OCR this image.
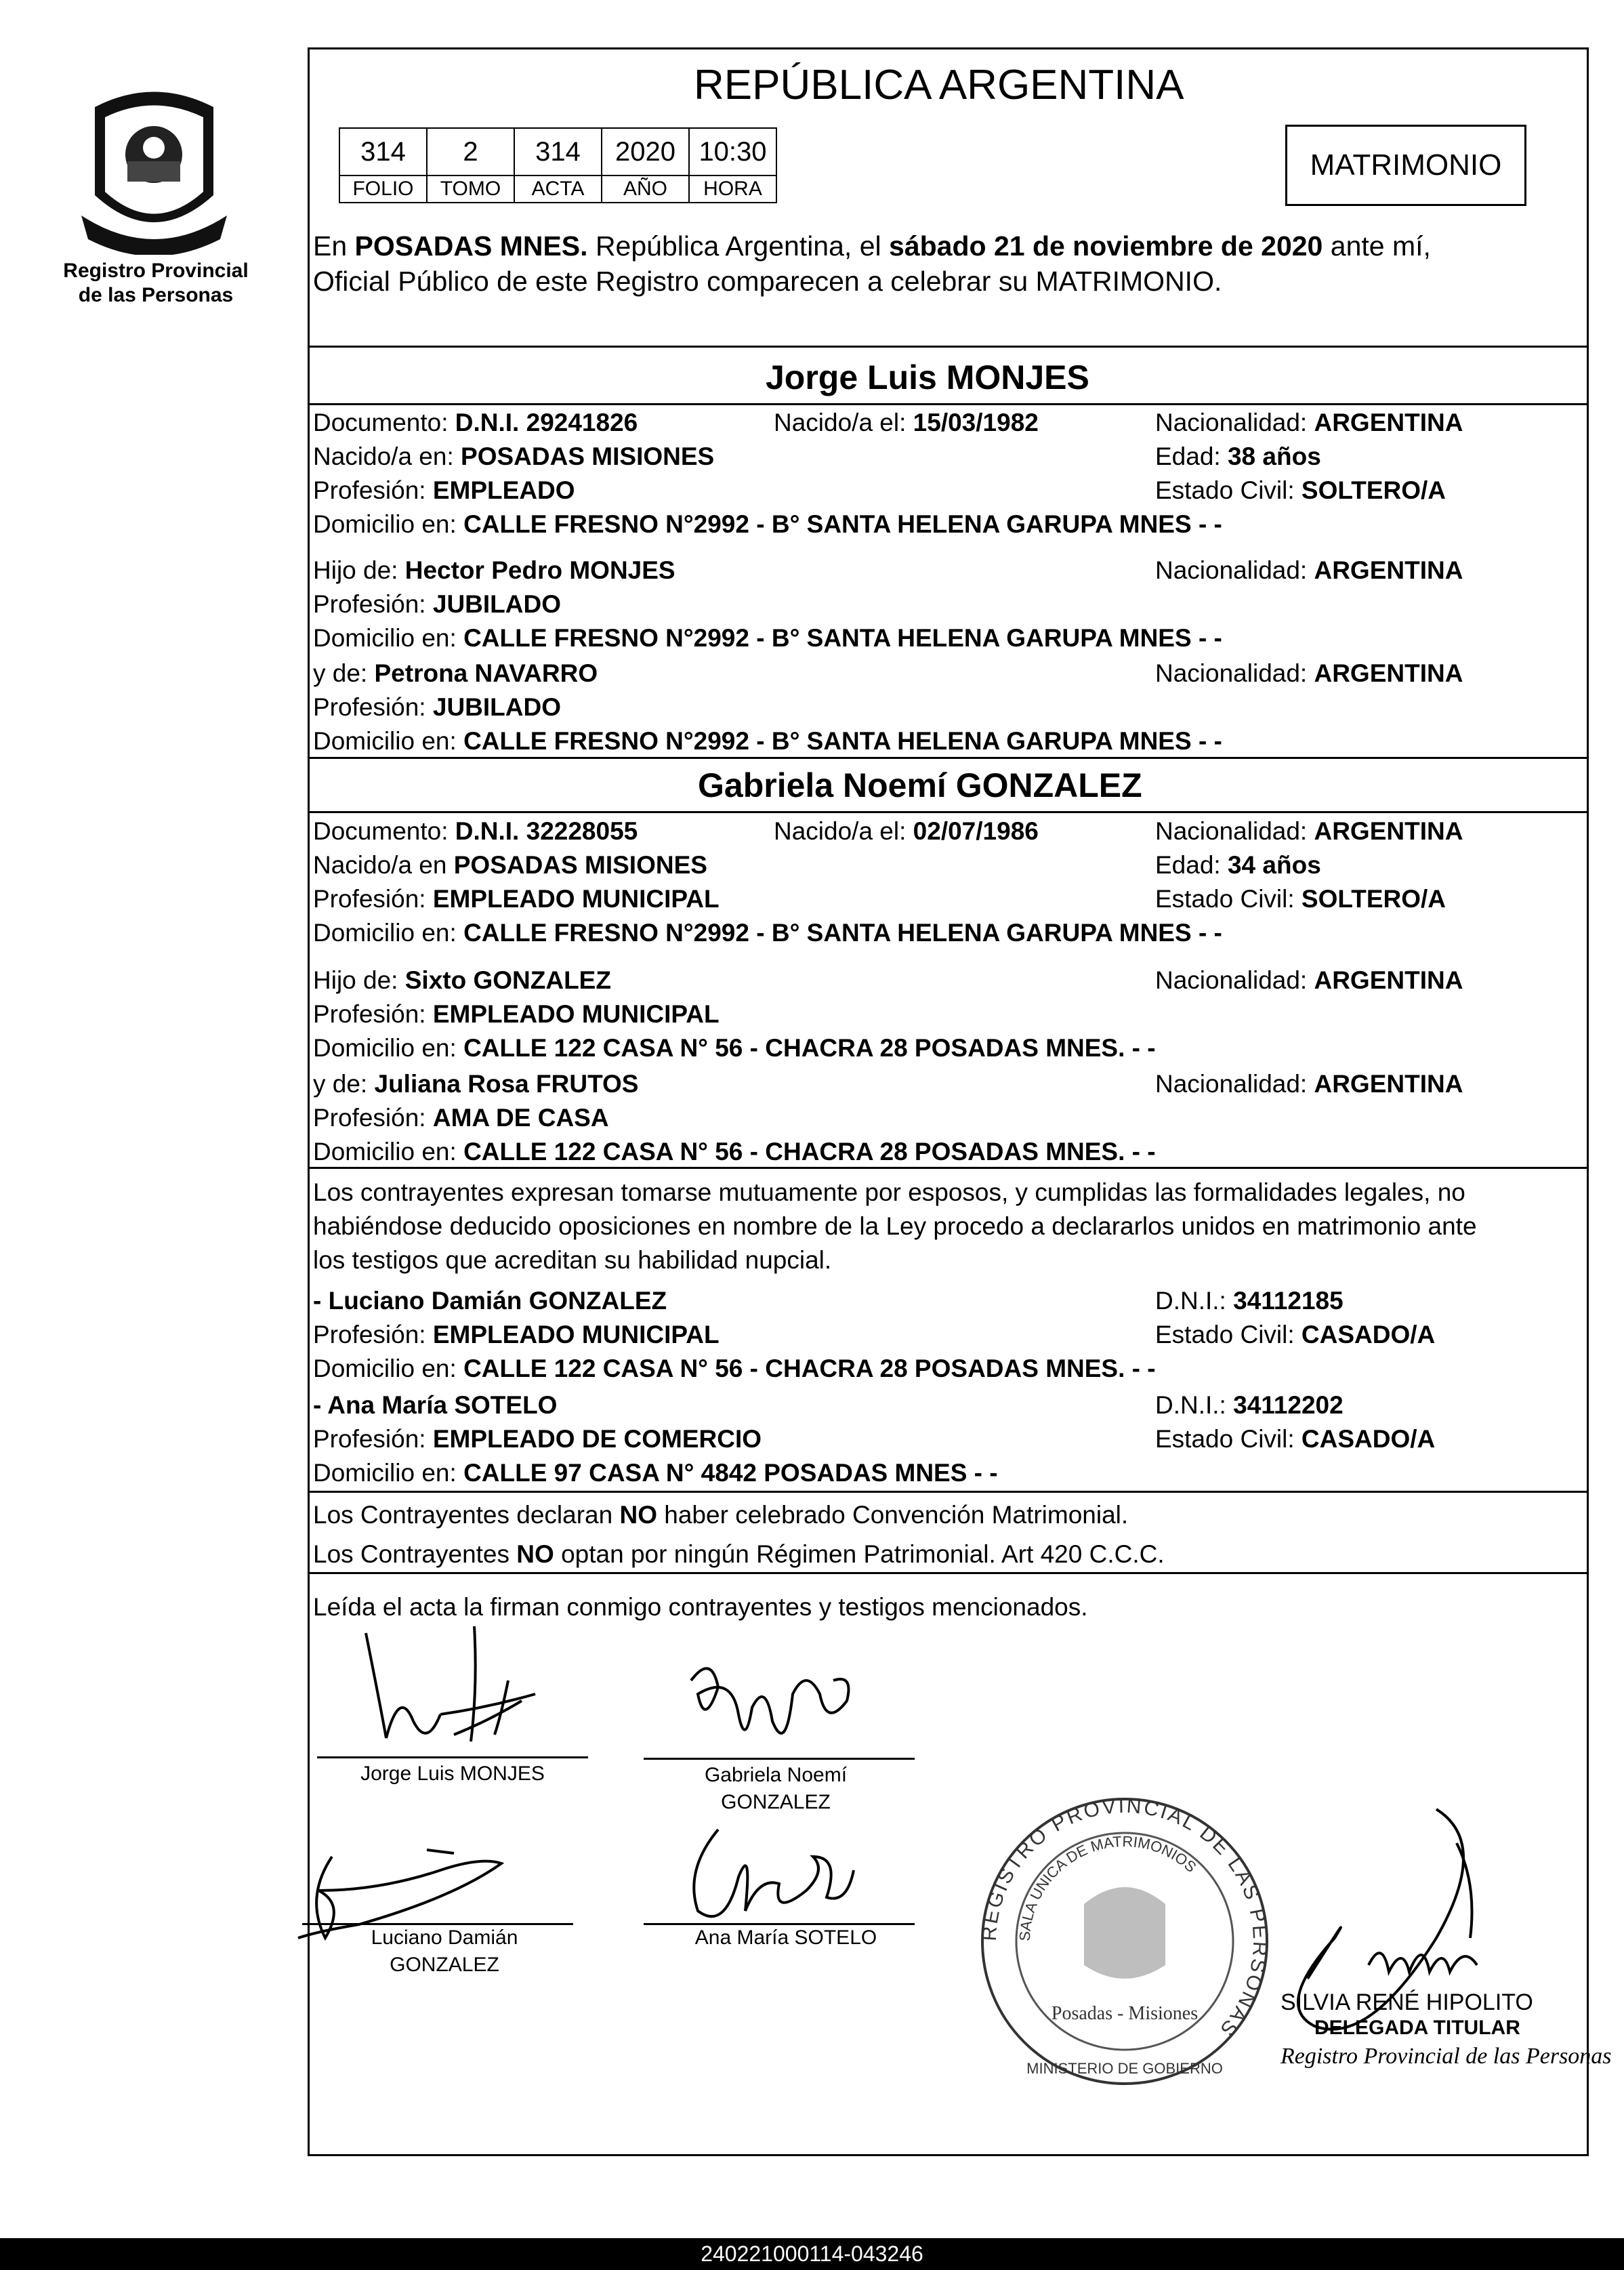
Registro Provincial
de las Personas
REPÚBLICA ARGENTINA
314	2	314	2020	10:30
FOLIO	TOMO	ACTA	AÑO	HORA
MATRIMONIO
En POSADAS MNES. República Argentina, el sábado 21 de noviembre de 2020 ante mí,
Oficial Público de este Registro comparecen a celebrar su MATRIMONIO.
Jorge Luis MONJES
Documento: D.N.I. 29241826	Nacido/a el: 15/03/1982	Nacionalidad: ARGENTINA
Nacido/a en: POSADAS MISIONES	Edad: 38 años
Profesión: EMPLEADO	Estado Civil: SOLTERO/A
Domicilio en: CALLE FRESNO N°2992 - B° SANTA HELENA GARUPA MNES - -
Hijo de: Hector Pedro MONJES	Nacionalidad: ARGENTINA
Profesión: JUBILADO
Domicilio en: CALLE FRESNO N°2992 - B° SANTA HELENA GARUPA MNES - -
y de: Petrona NAVARRO	Nacionalidad: ARGENTINA
Profesión: JUBILADO
Domicilio en: CALLE FRESNO N°2992 - B° SANTA HELENA GARUPA MNES - -
Gabriela Noemí GONZALEZ
Documento: D.N.I. 32228055	Nacido/a el: 02/07/1986	Nacionalidad: ARGENTINA
Nacido/a en POSADAS MISIONES	Edad: 34 años
Profesión: EMPLEADO MUNICIPAL	Estado Civil: SOLTERO/A
Domicilio en: CALLE FRESNO N°2992 - B° SANTA HELENA GARUPA MNES - -
Hijo de: Sixto GONZALEZ	Nacionalidad: ARGENTINA
Profesión: EMPLEADO MUNICIPAL
Domicilio en: CALLE 122 CASA N° 56 - CHACRA 28 POSADAS MNES. - -
y de: Juliana Rosa FRUTOS	Nacionalidad: ARGENTINA
Profesión: AMA DE CASA
Domicilio en: CALLE 122 CASA N° 56 - CHACRA 28 POSADAS MNES. - -
Los contrayentes expresan tomarse mutuamente por esposos, y cumplidas las formalidades legales, no
habiéndose deducido oposiciones en nombre de la Ley procedo a declararlos unidos en matrimonio ante
los testigos que acreditan su habilidad nupcial.
- Luciano Damián GONZALEZ	D.N.I.: 34112185
Profesión: EMPLEADO MUNICIPAL	Estado Civil: CASADO/A
Domicilio en: CALLE 122 CASA N° 56 - CHACRA 28 POSADAS MNES. - -
- Ana María SOTELO	D.N.I.: 34112202
Profesión: EMPLEADO DE COMERCIO	Estado Civil: CASADO/A
Domicilio en: CALLE 97 CASA N° 4842 POSADAS MNES - -
Los Contrayentes declaran NO haber celebrado Convención Matrimonial.
Los Contrayentes NO optan por ningún Régimen Patrimonial. Art 420 C.C.C.
Leída el acta la firman conmigo contrayentes y testigos mencionados.
Jorge Luis MONJES	Gabriela Noemí
GONZALEZ
Luciano Damián
GONZALEZ
Ana María SOTELO	REGISTRO PROVINCIAL DE LAS PERSONAS
SALA UNICA DE MATRIMONIOS
Posadas - Misiones
MINISTERIO DE GOBIERNO
SILVIA RENÉ HIPOLITO
DELEGADA TITULAR
Registro Provincial de las Personas
240221000114-043246
